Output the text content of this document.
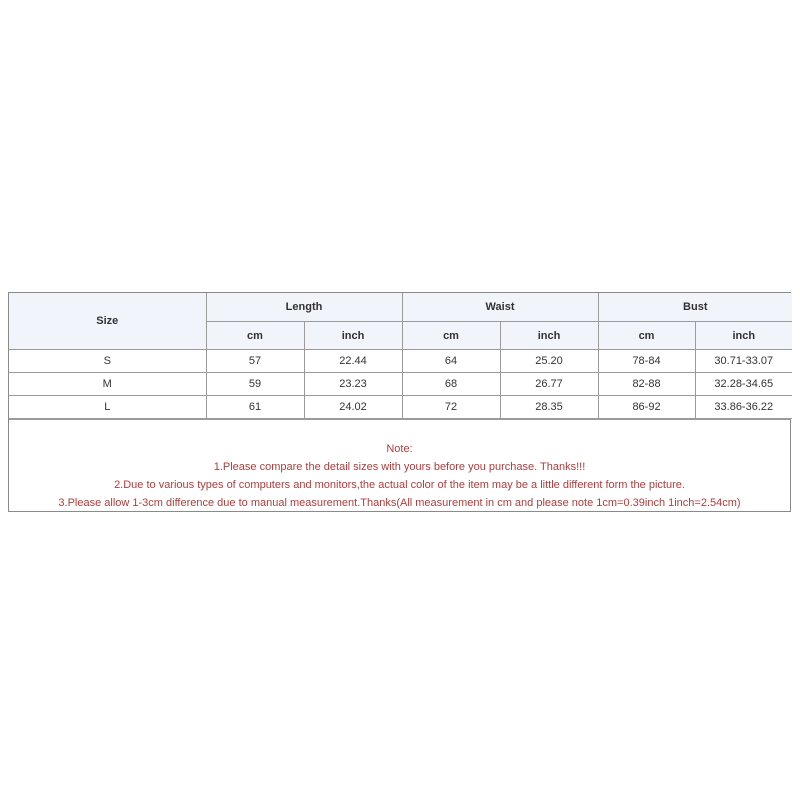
Size	Length		Waist		Bust	
	cm	inch	cm	inch	cm	inch
S	57	22.44	64	25.20	78-84	30.71-33.07
M	59	23.23	68	26.77	82-88	32.28-34.65
L	61	24.02	72	28.35	86-92	33.86-36.22
Note:
1.Please compare the detail sizes with yours before you purchase. Thanks!!!
2.Due to various types of computers and monitors,the actual color of the item may be a little different form the picture.
3.Please allow 1-3cm difference due to manual measurement.Thanks(All measurement in cm and please note 1cm=0.39inch 1inch=2.54cm)
